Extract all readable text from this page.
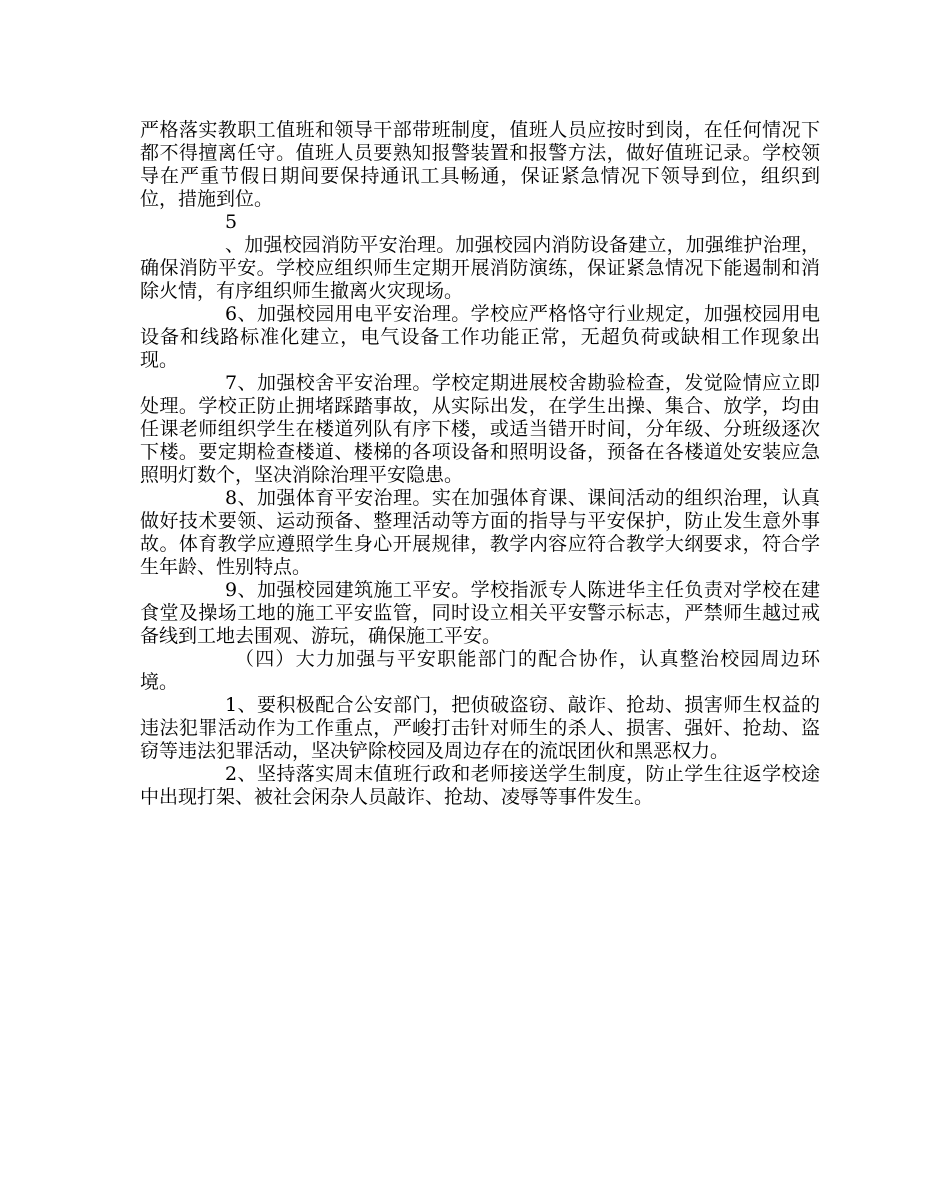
严格落实教职工值班和领导干部带班制度，值班人员应按时到岗，在任何情况下都不得擅离任守。值班人员要熟知报警装置和报警方法，做好值班记录。学校领导在严重节假日期间要保持通讯工具畅通，保证紧急情况下领导到位，组织到位，措施到位。

5

、加强校园消防平安治理。加强校园内消防设备建立，加强维护治理，确保消防平安。学校应组织师生定期开展消防演练，保证紧急情况下能遏制和消除火情，有序组织师生撤离火灾现场。

6、加强校园用电平安治理。学校应严格恪守行业规定，加强校园用电设备和线路标准化建立，电气设备工作功能正常，无超负荷或缺相工作现象出现。

7、加强校舍平安治理。学校定期进展校舍勘验检查，发觉险情应立即处理。学校正防止拥堵踩踏事故，从实际出发，在学生出操、集合、放学，均由任课老师组织学生在楼道列队有序下楼，或适当错开时间，分年级、分班级逐次下楼。要定期检查楼道、楼梯的各项设备和照明设备，预备在各楼道处安装应急照明灯数个，坚决消除治理平安隐患。

8、加强体育平安治理。实在加强体育课、课间活动的组织治理，认真做好技术要领、运动预备、整理活动等方面的指导与平安保护，防止发生意外事故。体育教学应遵照学生身心开展规律，教学内容应符合教学大纲要求，符合学生年龄、性别特点。

9、加强校园建筑施工平安。学校指派专人陈进华主任负责对学校在建食堂及操场工地的施工平安监管，同时设立相关平安警示标志，严禁师生越过戒备线到工地去围观、游玩，确保施工平安。

（四）大力加强与平安职能部门的配合协作，认真整治校园周边环境。

1、要积极配合公安部门，把侦破盗窃、敲诈、抢劫、损害师生权益的违法犯罪活动作为工作重点，严峻打击针对师生的杀人、损害、强奸、抢劫、盗窃等违法犯罪活动，坚决铲除校园及周边存在的流氓团伙和黑恶权力。

2、坚持落实周末值班行政和老师接送学生制度，防止学生往返学校途中出现打架、被社会闲杂人员敲诈、抢劫、凌辱等事件发生。
